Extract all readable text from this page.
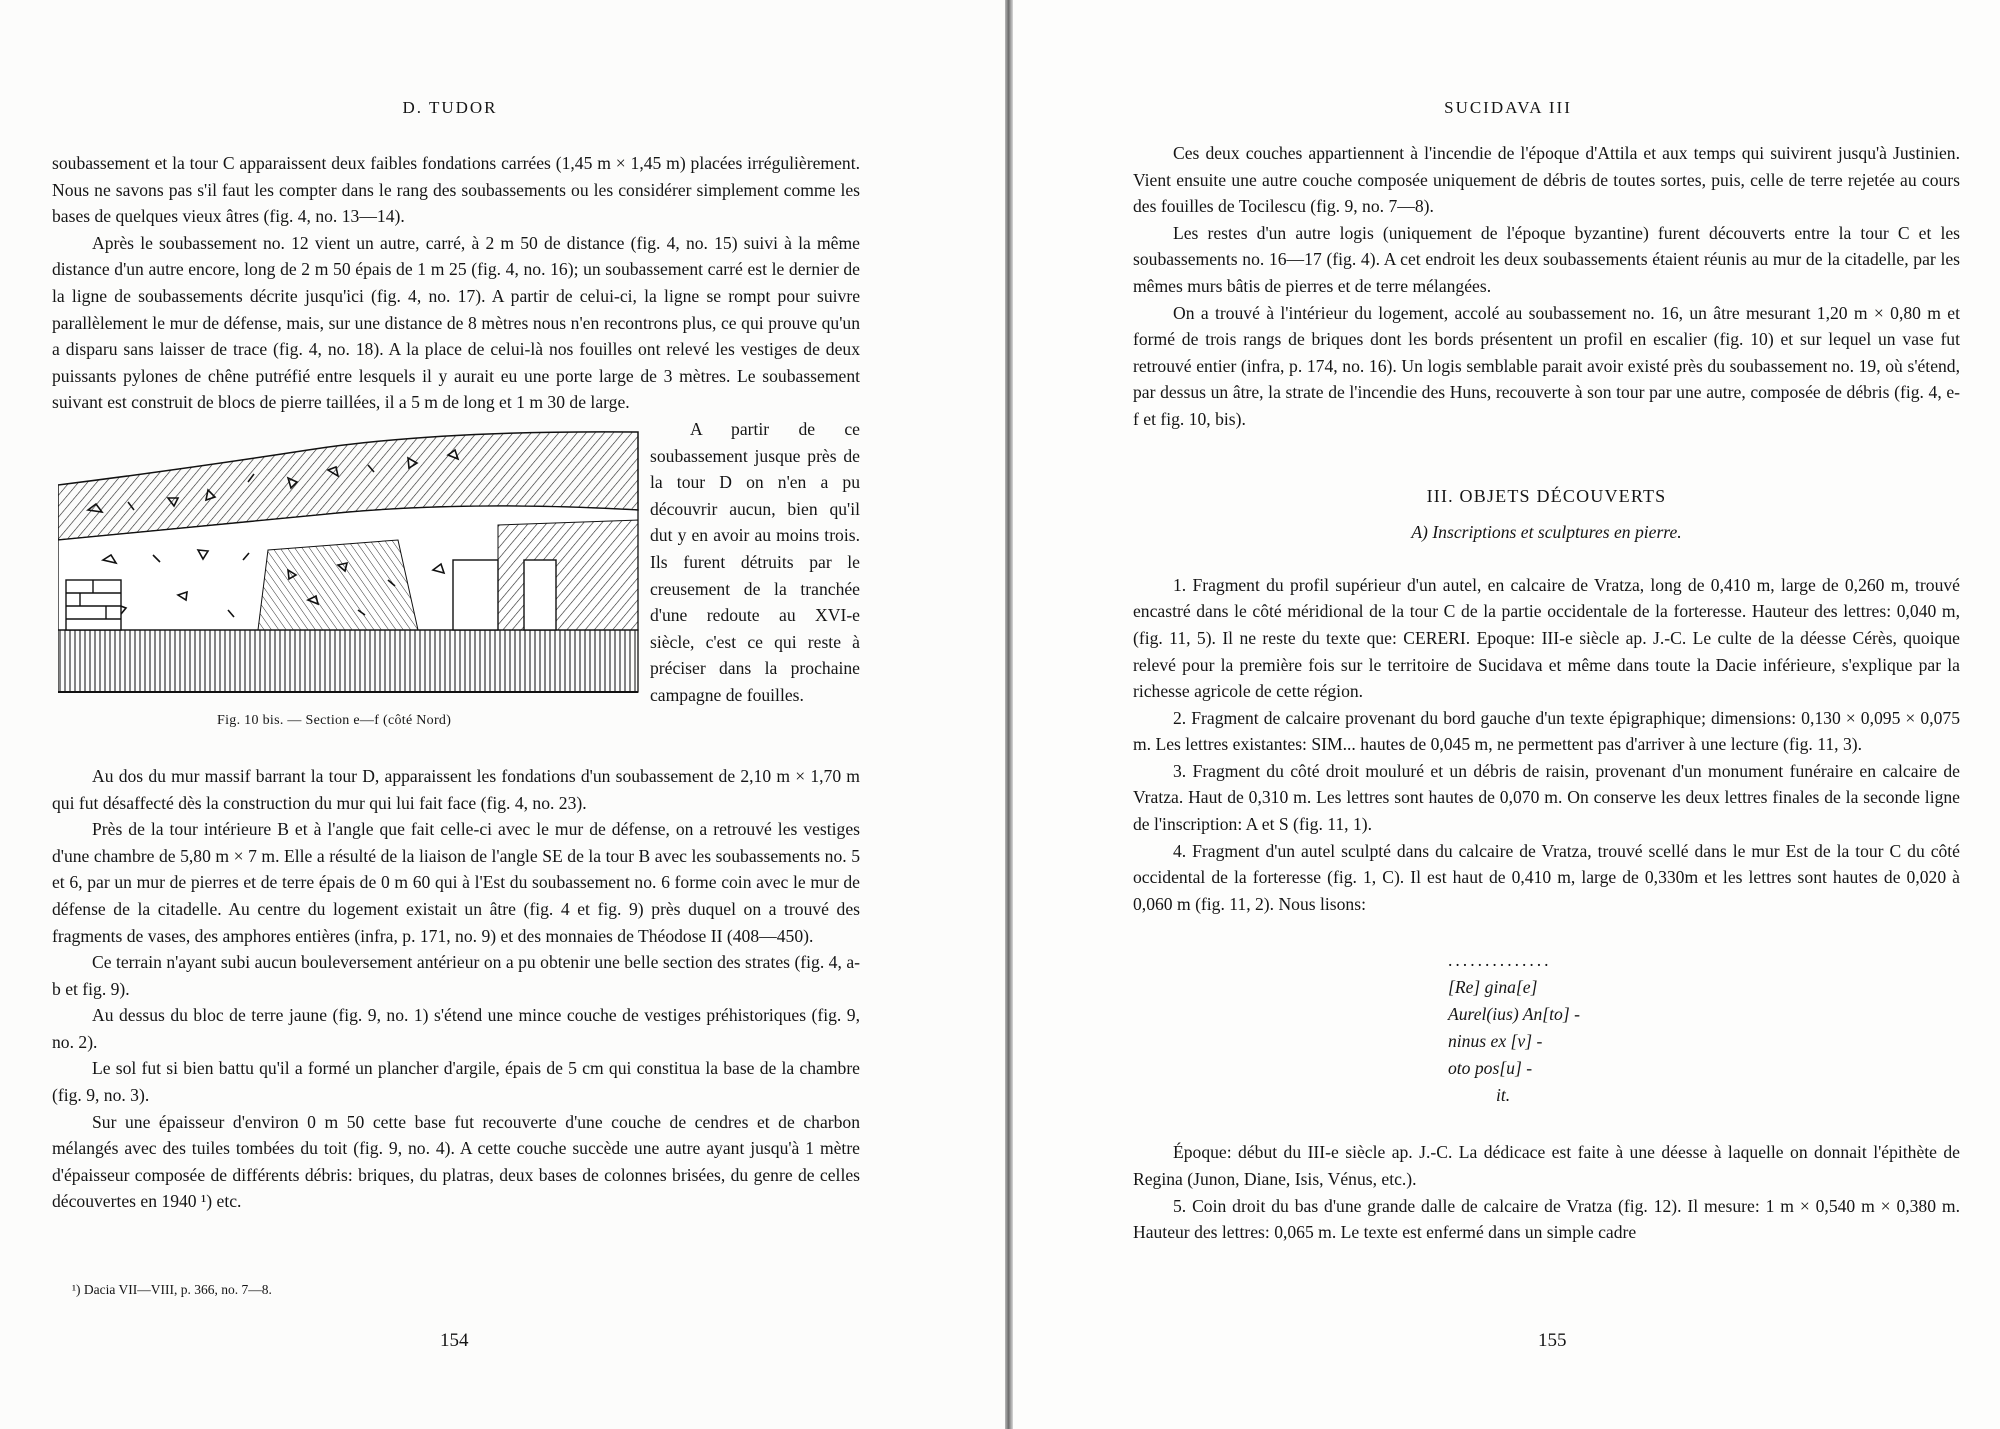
D. TUDOR

soubassement et la tour C apparaissent deux faibles fondations carrées (1,45 m × 1,45 m) placées irrégulièrement. Nous ne savons pas s'il faut les compter dans le rang des soubassements ou les considérer simplement comme les bases de quelques vieux âtres (fig. 4, no. 13—14).

Après le soubassement no. 12 vient un autre, carré, à 2 m 50 de distance (fig. 4, no. 15) suivi à la même distance d'un autre encore, long de 2 m 50 épais de 1 m 25 (fig. 4, no. 16); un soubassement carré est le dernier de la ligne de soubassements décrite jusqu'ici (fig. 4, no. 17). A partir de celui-ci, la ligne se rompt pour suivre parallèlement le mur de défense, mais, sur une distance de 8 mètres nous n'en recontrons plus, ce qui prouve qu'un a disparu sans laisser de trace (fig. 4, no. 18). A la place de celui-là nos fouilles ont relevé les vestiges de deux puissants pylones de chêne putréfié entre lesquels il y aurait eu une porte large de 3 mètres. Le soubassement suivant est construit de blocs de pierre taillées, il a 5 m de long et 1 m 30 de large.

Fig. 10 bis. — Section e—f (côté Nord)

A partir de ce soubassement jusque près de la tour D on n'en a pu découvrir aucun, bien qu'il dut y en avoir au moins trois. Ils furent détruits par le creusement de la tranchée d'une redoute au XVI-e siècle, c'est ce qui reste à préciser dans la prochaine campagne de fouilles.

Au dos du mur massif barrant la tour D, apparaissent les fondations d'un soubassement de 2,10 m × 1,70 m qui fut désaffecté dès la construction du mur qui lui fait face (fig. 4, no. 23).

Près de la tour intérieure B et à l'angle que fait celle-ci avec le mur de défense, on a retrouvé les vestiges d'une chambre de 5,80 m × 7 m. Elle a résulté de la liaison de l'angle SE de la tour B avec les soubassements no. 5 et 6, par un mur de pierres et de terre épais de 0 m 60 qui à l'Est du soubassement no. 6 forme coin avec le mur de défense de la citadelle. Au centre du logement existait un âtre (fig. 4 et fig. 9) près duquel on a trouvé des fragments de vases, des amphores entières (infra, p. 171, no. 9) et des monnaies de Théodose II (408—450).

Ce terrain n'ayant subi aucun bouleversement antérieur on a pu obtenir une belle section des strates (fig. 4, a-b et fig. 9).

Au dessus du bloc de terre jaune (fig. 9, no. 1) s'étend une mince couche de vestiges préhistoriques (fig. 9, no. 2).

Le sol fut si bien battu qu'il a formé un plancher d'argile, épais de 5 cm qui constitua la base de la chambre (fig. 9, no. 3).

Sur une épaisseur d'environ 0 m 50 cette base fut recouverte d'une couche de cendres et de charbon mélangés avec des tuiles tombées du toit (fig. 9, no. 4). A cette couche succède une autre ayant jusqu'à 1 mètre d'épaisseur composée de différents débris: briques, du platras, deux bases de colonnes brisées, du genre de celles découvertes en 1940 ¹) etc.

¹) Dacia VII—VIII, p. 366, no. 7—8.
154
SUCIDAVA III

Ces deux couches appartiennent à l'incendie de l'époque d'Attila et aux temps qui suivirent jusqu'à Justinien. Vient ensuite une autre couche composée uniquement de débris de toutes sortes, puis, celle de terre rejetée au cours des fouilles de Tocilescu (fig. 9, no. 7—8).

Les restes d'un autre logis (uniquement de l'époque byzantine) furent découverts entre la tour C et les soubassements no. 16—17 (fig. 4). A cet endroit les deux soubassements étaient réunis au mur de la citadelle, par les mêmes murs bâtis de pierres et de terre mélangées.

On a trouvé à l'intérieur du logement, accolé au soubassement no. 16, un âtre mesurant 1,20 m × 0,80 m et formé de trois rangs de briques dont les bords présentent un profil en escalier (fig. 10) et sur lequel un vase fut retrouvé entier (infra, p. 174, no. 16). Un logis semblable parait avoir existé près du soubassement no. 19, où s'étend, par dessus un âtre, la strate de l'incendie des Huns, recouverte à son tour par une autre, composée de débris (fig. 4, e-f et fig. 10, bis).

III. OBJETS DÉCOUVERTS
A) Inscriptions et sculptures en pierre.

1. Fragment du profil supérieur d'un autel, en calcaire de Vratza, long de 0,410 m, large de 0,260 m, trouvé encastré dans le côté méridional de la tour C de la partie occidentale de la forteresse. Hauteur des lettres: 0,040 m, (fig. 11, 5). Il ne reste du texte que: CERERI. Epoque: III-e siècle ap. J.-C. Le culte de la déesse Cérès, quoique relevé pour la première fois sur le territoire de Sucidava et même dans toute la Dacie inférieure, s'explique par la richesse agricole de cette région.

2. Fragment de calcaire provenant du bord gauche d'un texte épigraphique; dimensions: 0,130 × 0,095 × 0,075 m. Les lettres existantes: SIM... hautes de 0,045 m, ne permettent pas d'arriver à une lecture (fig. 11, 3).

3. Fragment du côté droit mouluré et un débris de raisin, provenant d'un monument funéraire en calcaire de Vratza. Haut de 0,310 m. Les lettres sont hautes de 0,070 m. On conserve les deux lettres finales de la seconde ligne de l'inscription: A et S (fig. 11, 1).

4. Fragment d'un autel sculpté dans du calcaire de Vratza, trouvé scellé dans le mur Est de la tour C du côté occidental de la forteresse (fig. 1, C). Il est haut de 0,410 m, large de 0,330m et les lettres sont hautes de 0,020 à 0,060 m (fig. 11, 2). Nous lisons:

..............
[Re] gina[e]
Aurel(ius) An[to] -
ninus ex [v] -
oto pos[u] -
it.

Époque: début du III-e siècle ap. J.-C. La dédicace est faite à une déesse à laquelle on donnait l'épithète de Regina (Junon, Diane, Isis, Vénus, etc.).

5. Coin droit du bas d'une grande dalle de calcaire de Vratza (fig. 12). Il mesure: 1 m × 0,540 m × 0,380 m. Hauteur des lettres: 0,065 m. Le texte est enfermé dans un simple cadre

155
